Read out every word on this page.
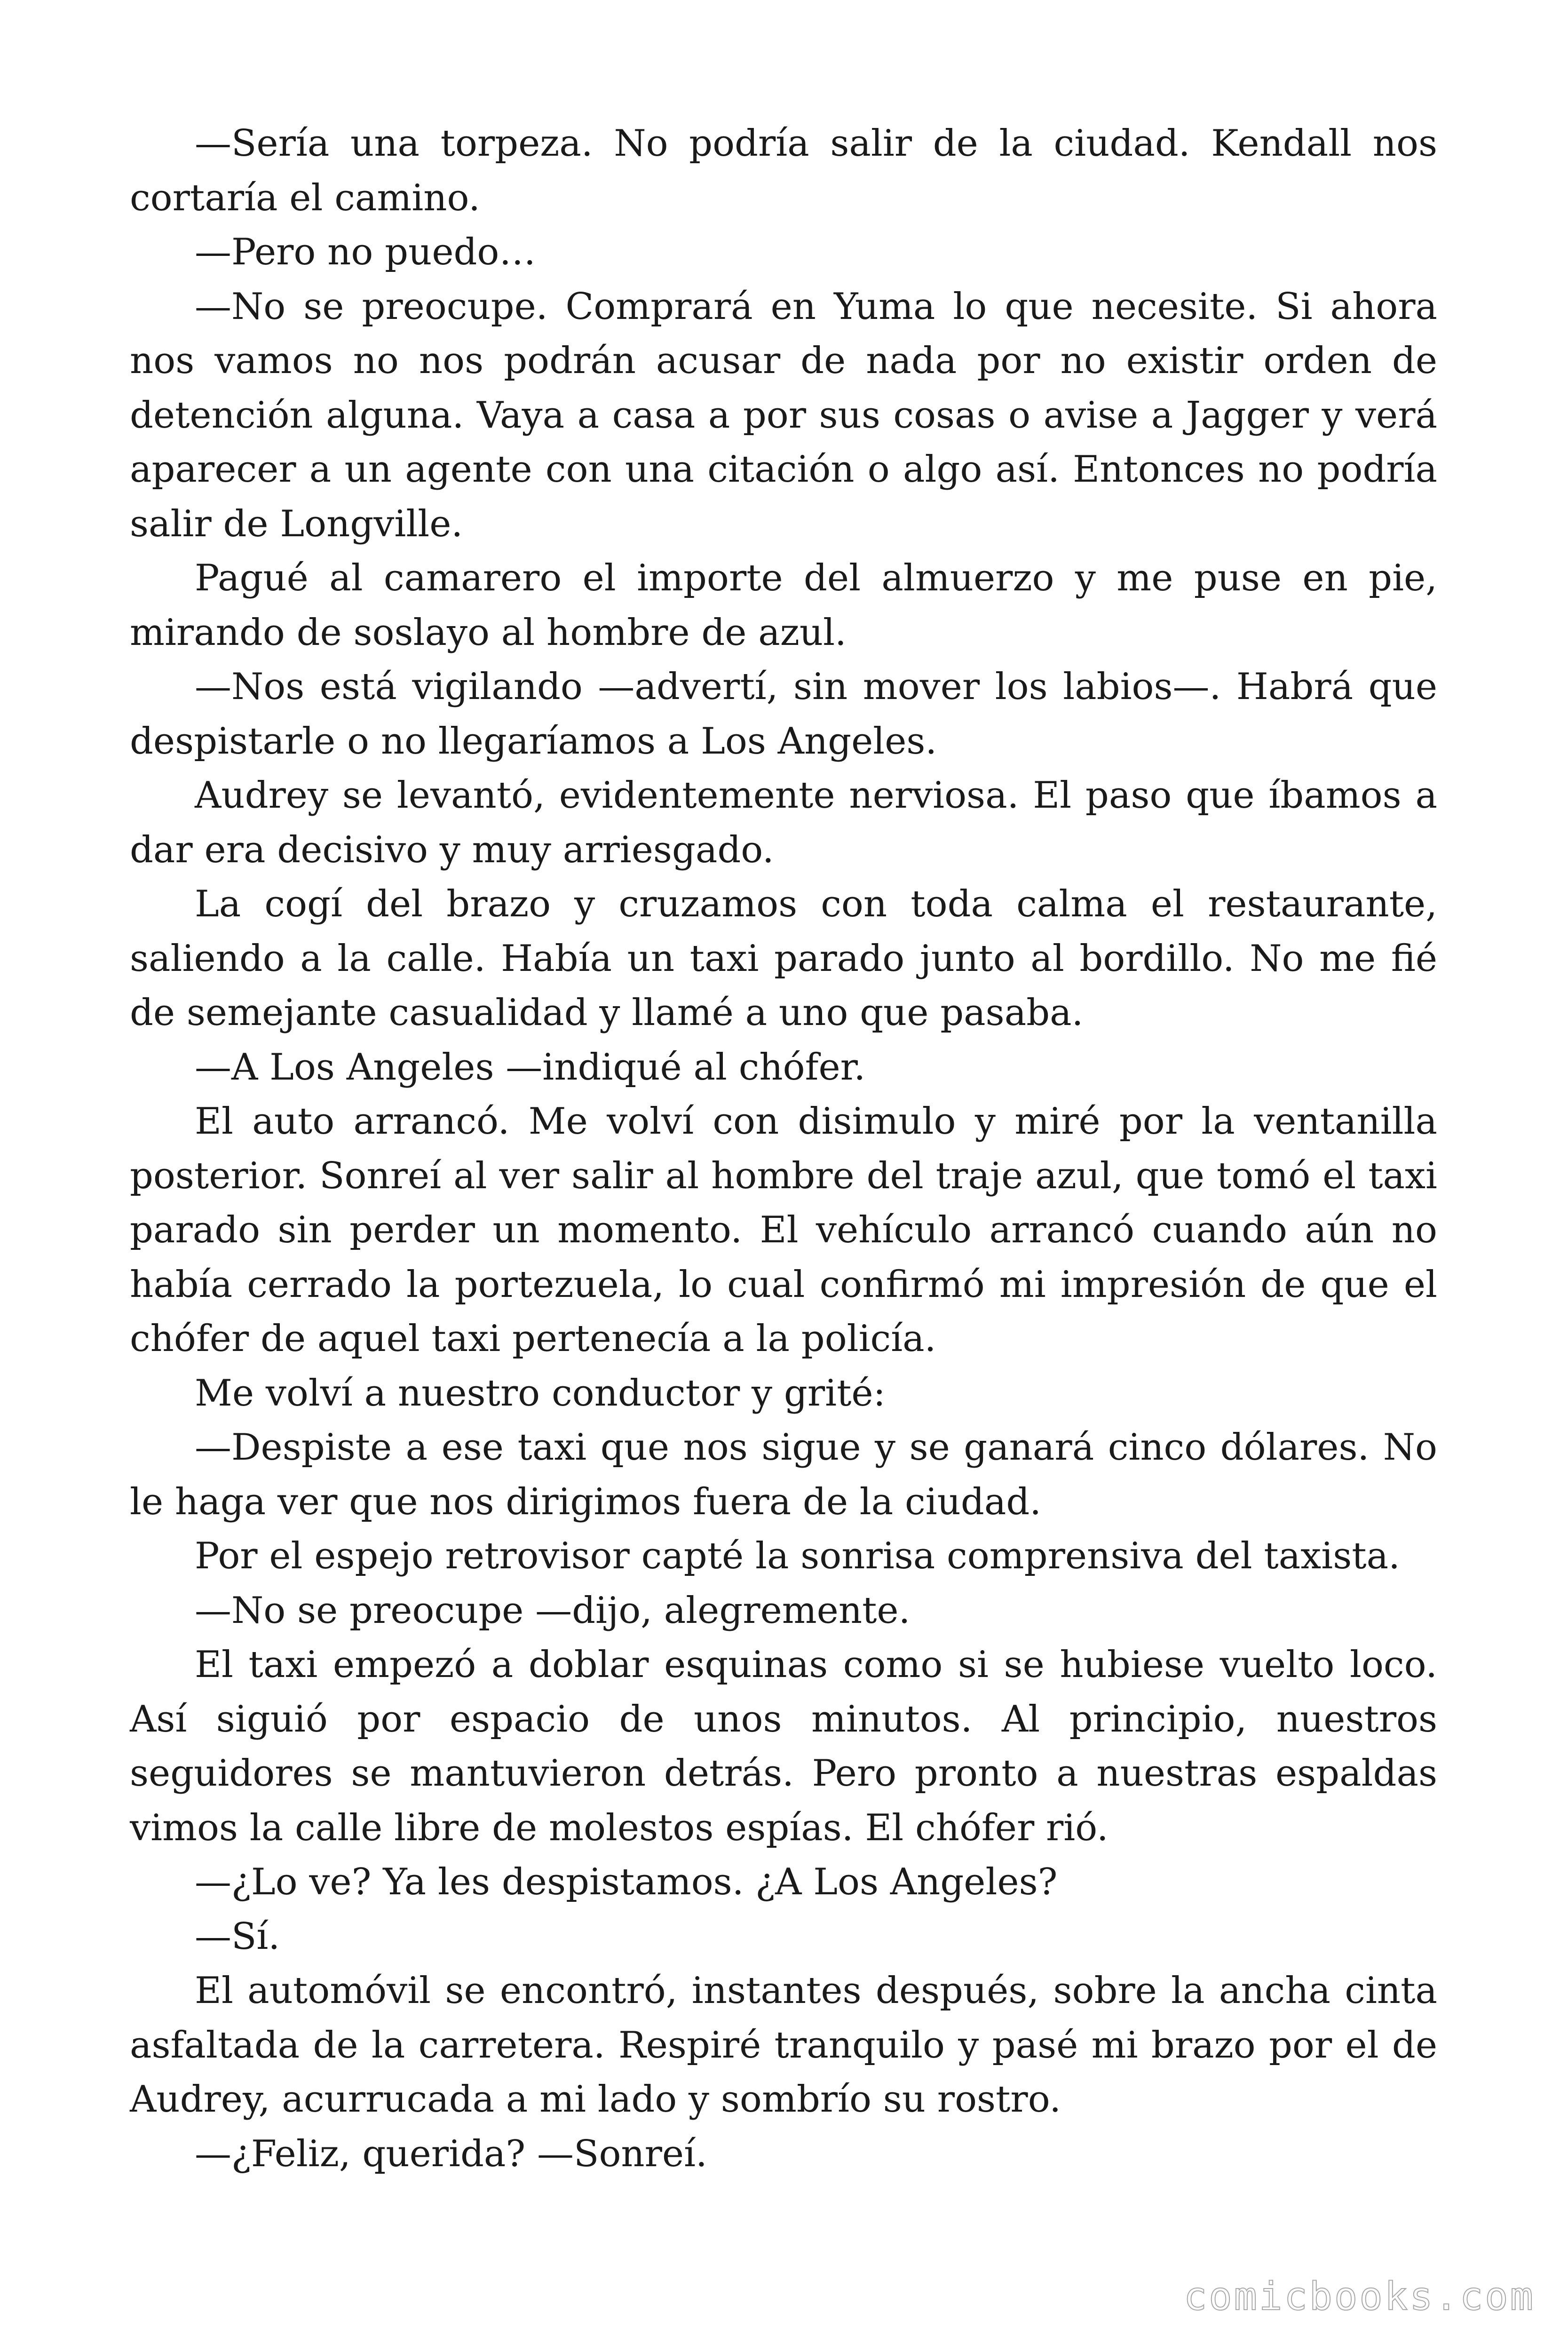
—Sería una torpeza. No podría salir de la ciudad. Kendall nos cortaría el camino.

—Pero no puedo…

—No se preocupe. Comprará en Yuma lo que necesite. Si ahora nos vamos no nos podrán acusar de nada por no existir orden de detención alguna. Vaya a casa a por sus cosas o avise a Jagger y verá aparecer a un agente con una citación o algo así. Entonces no podría salir de Longville.

Pagué al camarero el importe del almuerzo y me puse en pie, mirando de soslayo al hombre de azul.

—Nos está vigilando —advertí, sin mover los labios—. Habrá que despistarle o no llegaríamos a Los Angeles.

Audrey se levantó, evidentemente nerviosa. El paso que íbamos a dar era decisivo y muy arriesgado.

La cogí del brazo y cruzamos con toda calma el restaurante, saliendo a la calle. Había un taxi parado junto al bordillo. No me fié de semejante casualidad y llamé a uno que pasaba.

—A Los Angeles —indiqué al chófer.

El auto arrancó. Me volví con disimulo y miré por la ventanilla posterior. Sonreí al ver salir al hombre del traje azul, que tomó el taxi parado sin perder un momento. El vehículo arrancó cuando aún no había cerrado la portezuela, lo cual confirmó mi impresión de que el chófer de aquel taxi pertenecía a la policía.

Me volví a nuestro conductor y grité:

—Despiste a ese taxi que nos sigue y se ganará cinco dólares. No le haga ver que nos dirigimos fuera de la ciudad.

Por el espejo retrovisor capté la sonrisa comprensiva del taxista.

—No se preocupe —dijo, alegremente.

El taxi empezó a doblar esquinas como si se hubiese vuelto loco. Así siguió por espacio de unos minutos. Al principio, nuestros seguidores se mantuvieron detrás. Pero pronto a nuestras espaldas vimos la calle libre de molestos espías. El chófer rió.

—¿Lo ve? Ya les despistamos. ¿A Los Angeles?

—Sí.

El automóvil se encontró, instantes después, sobre la ancha cinta asfaltada de la carretera. Respiré tranquilo y pasé mi brazo por el de Audrey, acurrucada a mi lado y sombrío su rostro.

—¿Feliz, querida? —Sonreí.

comicbooks.com
